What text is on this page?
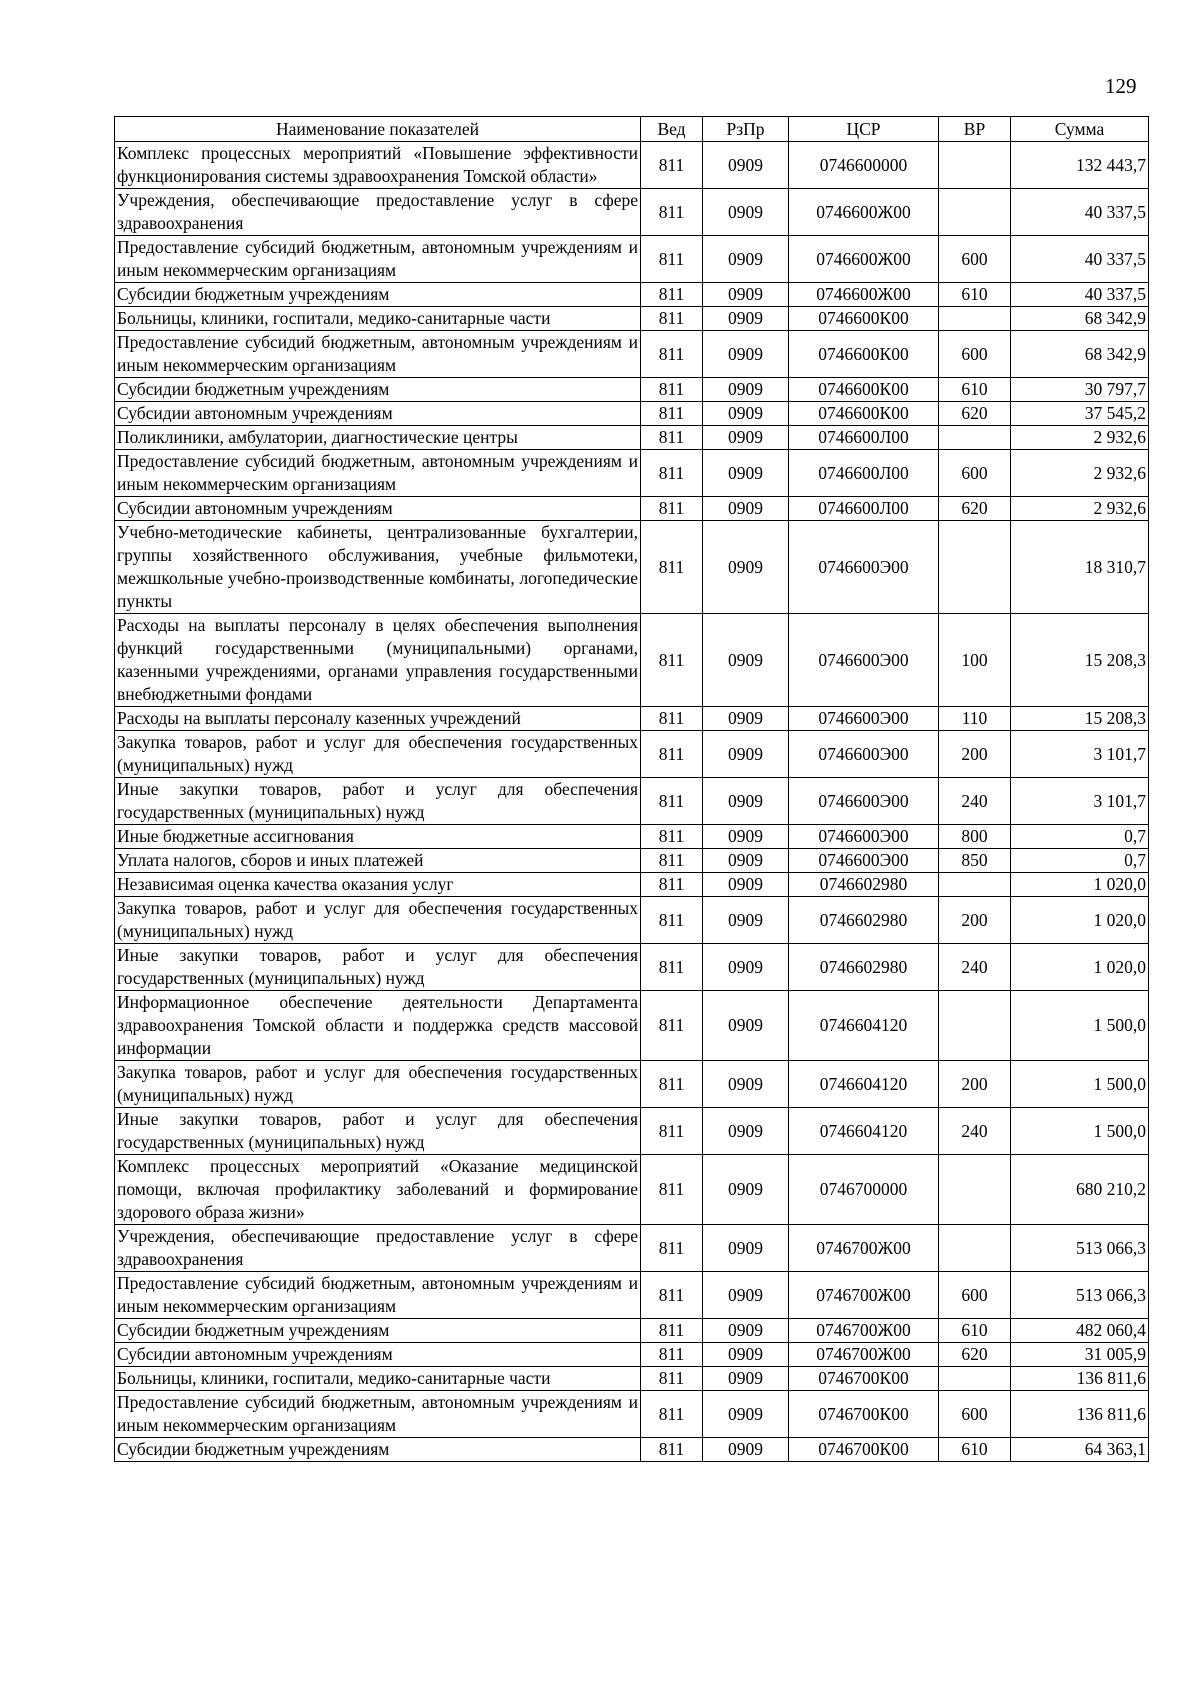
129
Наименование показателей	Вед	РзПр	ЦСР	ВР	Сумма
Комплекс процессных мероприятий «Повышение эффективности функционирования системы здравоохранения Томской области»	811	0909	0746600000		132 443,7
Учреждения, обеспечивающие предоставление услуг в сфере здравоохранения	811	0909	07466​00Ж00		40 337,5
Предоставление субсидий бюджетным, автономным учреждениям и иным некоммерческим организациям	811	0909	0746600Ж00	600	40 337,5
Субсидии бюджетным учреждениям	811	0909	0746600Ж00	610	40 337,5
Больницы, клиники, госпитали, медико-санитарные части	811	0909	0746600К00		68 342,9
Предоставление субсидий бюджетным, автономным учреждениям и иным некоммерческим организациям	811	0909	0746600К00	600	68 342,9
Субсидии бюджетным учреждениям	811	0909	0746600К00	610	30 797,7
Субсидии автономным учреждениям	811	0909	0746600К00	620	37 545,2
Поликлиники, амбулатории, диагностические центры	811	0909	0746600Л00		2 932,6
Предоставление субсидий бюджетным, автономным учреждениям и иным некоммерческим организациям	811	0909	0746600Л00	600	2 932,6
Субсидии автономным учреждениям	811	0909	0746600Л00	620	2 932,6
Учебно-методические кабинеты, централизованные бухгалтерии, группы хозяйственного обслуживания, учебные фильмотеки, межшкольные учебно-производственные комбинаты, логопедические пункты	811	0909	0746600Э00		18 310,7
Расходы на выплаты персоналу в целях обеспечения выполнения функций государственными (муниципальными) органами, казенными учреждениями, органами управления государственными внебюджетными фондами	811	0909	0746600Э00	100	15 208,3
Расходы на выплаты персоналу казенных учреждений	811	0909	0746600Э00	110	15 208,3
Закупка товаров, работ и услуг для обеспечения государственных (муниципальных) нужд	811	0909	0746600Э00	200	3 101,7
Иные закупки товаров, работ и услуг для обеспечения государственных (муниципальных) нужд	811	0909	0746600Э00	240	3 101,7
Иные бюджетные ассигнования	811	0909	0746600Э00	800	0,7
Уплата налогов, сборов и иных платежей	811	0909	0746600Э00	850	0,7
Независимая оценка качества оказания услуг	811	0909	0746602980		1 020,0
Закупка товаров, работ и услуг для обеспечения государственных (муниципальных) нужд	811	0909	0746602980	200	1 020,0
Иные закупки товаров, работ и услуг для обеспечения государственных (муниципальных) нужд	811	0909	0746602980	240	1 020,0
Информационное обеспечение деятельности Департамента здравоохранения Томской области и поддержка средств массовой информации	811	0909	0746604120		1 500,0
Закупка товаров, работ и услуг для обеспечения государственных (муниципальных) нужд	811	0909	0746604120	200	1 500,0
Иные закупки товаров, работ и услуг для обеспечения государственных (муниципальных) нужд	811	0909	0746604120	240	1 500,0
Комплекс процессных мероприятий «Оказание медицинской помощи, включая профилактику заболеваний и формирование здорового образа жизни»	811	0909	0746700000		680 210,2
Учреждения, обеспечивающие предоставление услуг в сфере здравоохранения	811	0909	0746700Ж00		513 066,3
Предоставление субсидий бюджетным, автономным учреждениям и иным некоммерческим организациям	811	0909	0746700Ж00	600	513 066,3
Субсидии бюджетным учреждениям	811	0909	0746700Ж00	610	482 060,4
Субсидии автономным учреждениям	811	0909	0746700Ж00	620	31 005,9
Больницы, клиники, госпитали, медико-санитарные части	811	0909	0746700К00		136 811,6
Предоставление субсидий бюджетным, автономным учреждениям и иным некоммерческим организациям	811	0909	0746700К00	600	136 811,6
Субсидии бюджетным учреждениям	811	0909	0746700К00	610	64 363,1
